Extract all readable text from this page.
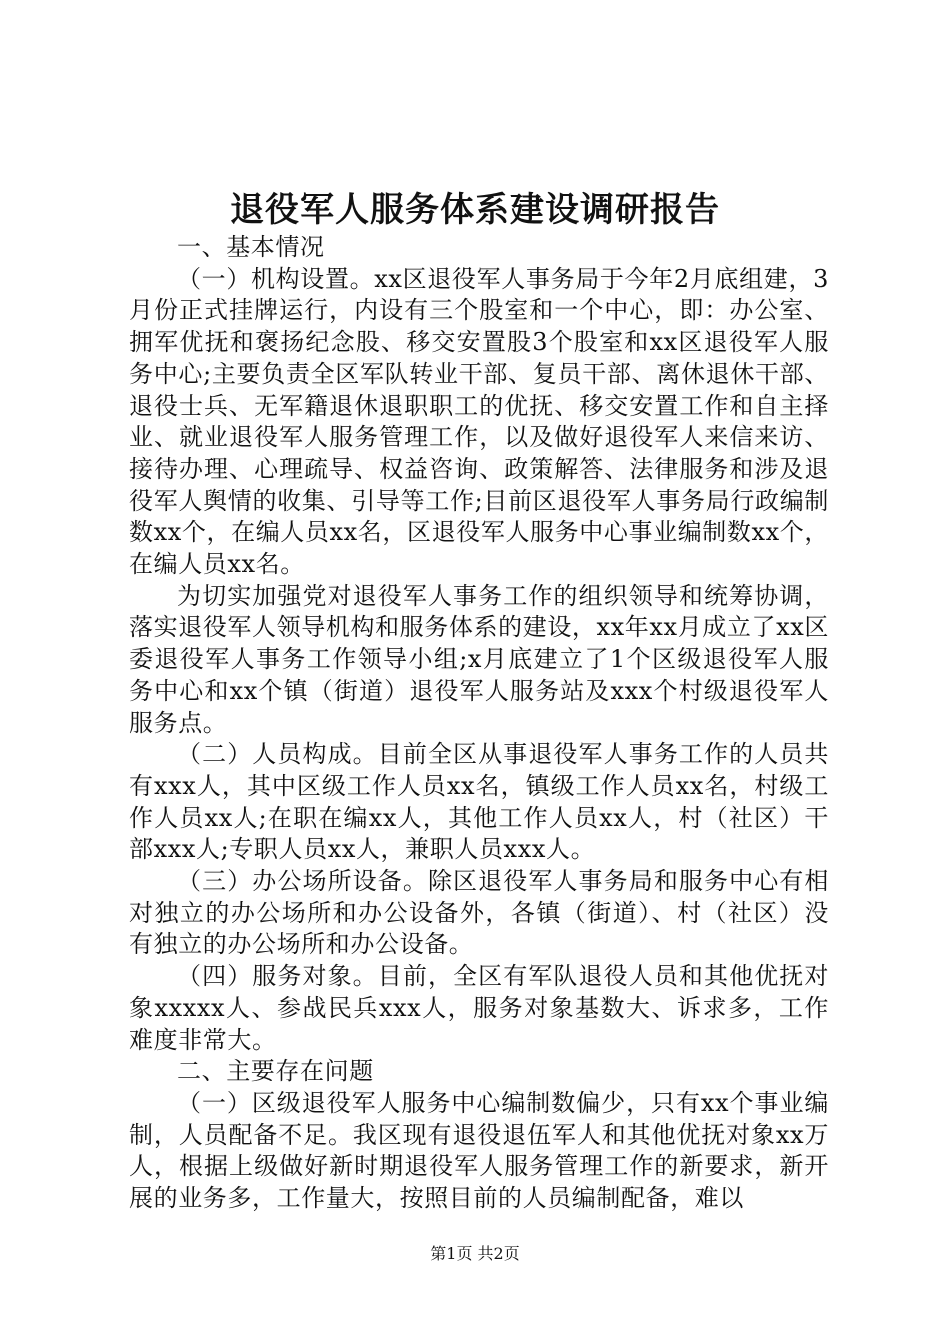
退役军人服务体系建设调研报告
一、基本情况

（一）机构设置。xx区退役军人事务局于今年2月底组建，3月份正式挂牌运行，内设有三个股室和一个中心，即：办公室、拥军优抚和褒扬纪念股、移交安置股3个股室和xx区退役军人服务中心;主要负责全区军队转业干部、复员干部、离休退休干部、退役士兵、无军籍退休退职职工的优抚、移交安置工作和自主择业、就业退役军人服务管理工作，以及做好退役军人来信来访、接待办理、心理疏导、权益咨询、政策解答、法律服务和涉及退役军人舆情的收集、引导等工作;目前区退役军人事务局行政编制数xx个，在编人员xx名，区退役军人服务中心事业编制数xx个，在编人员xx名。

为切实加强党对退役军人事务工作的组织领导和统筹协调，落实退役军人领导机构和服务体系的建设，xx年xx月成立了xx区委退役军人事务工作领导小组;x月底建立了1个区级退役军人服务中心和xx个镇（街道）退役军人服务站及xxx个村级退役军人服务点。

（二）人员构成。目前全区从事退役军人事务工作的人员共有xxx人，其中区级工作人员xx名，镇级工作人员xx名，村级工作人员xx人;在职在编xx人，其他工作人员xx人，村（社区）干部xxx人;专职人员xx人，兼职人员xxx人。

（三）办公场所设备。除区退役军人事务局和服务中心有相对独立的办公场所和办公设备外，各镇（街道）、村（社区）没有独立的办公场所和办公设备。

（四）服务对象。目前，全区有军队退役人员和其他优抚对象xxxxx人、参战民兵xxx人，服务对象基数大、诉求多，工作难度非常大。

二、主要存在问题

（一）区级退役军人服务中心编制数偏少，只有xx个事业编制，人员配备不足。我区现有退役退伍军人和其他优抚对象xx万人，根据上级做好新时期退役军人服务管理工作的新要求，新开展的业务多，工作量大，按照目前的人员编制配备，难以

第1页 共2页
